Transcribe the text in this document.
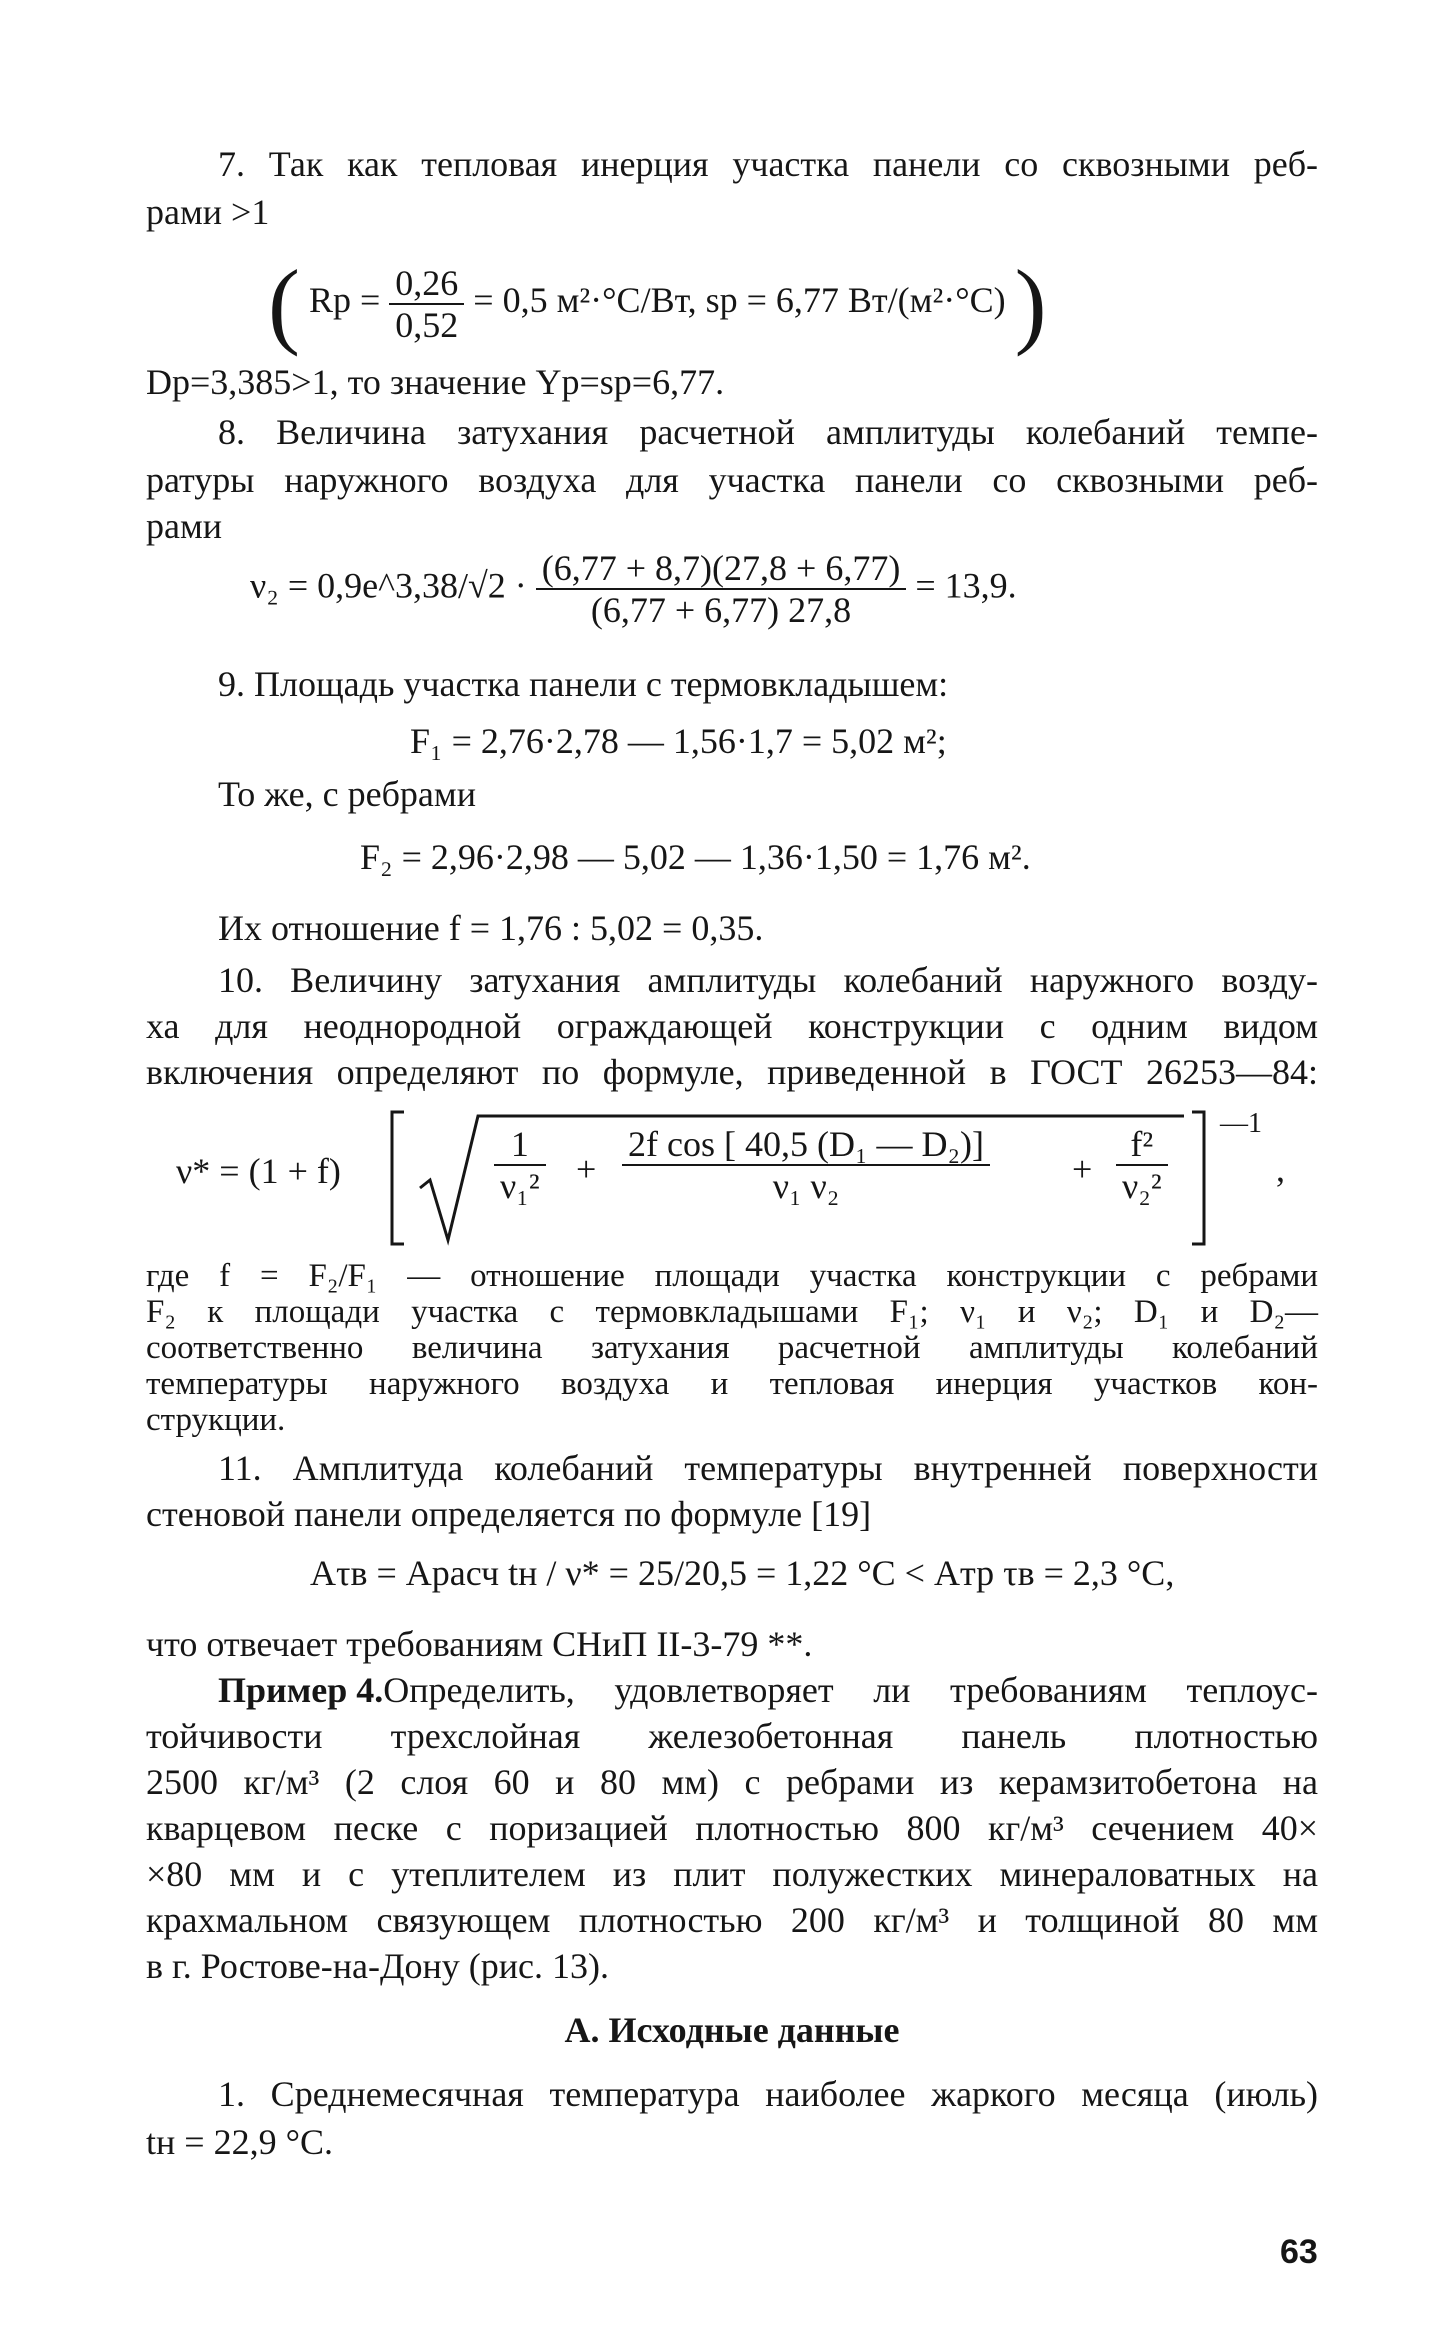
7. Так как тепловая инерция участка панели со сквозными реб-
рами >1
( Rр = $\frac{0,26}{0,52} = 0,5$ м²·°С/Вт, sр = 6,77 Вт/(м²·°С) )
Dр=3,385>1, то значение Yр=sр=6,77.
8. Величина затухания расчетной амплитуды колебаний темпе-
ратуры наружного воздуха для участка панели со сквозными реб-
рами
ν₂ = 0,9e^3,38/√2 · $\frac{(6,77 + 8,7)(27,8 + 6,77)}{(6,77 + 6,77) 27,8} = 13,9$.
9. Площадь участка панели с термовкладышем:
F₁ = 2,76·2,78 — 1,56·1,7 = 5,02 м²;
То же, с ребрами
F₂ = 2,96·2,98 — 5,02 — 1,36·1,50 = 1,76 м².
Их отношение f = 1,76 : 5,02 = 0,35.
10. Величину затухания амплитуды колебаний наружного возду-
ха для неоднородной ограждающей конструкции с одним видом
включения определяют по формуле, приведенной в ГОСТ 26253—84:
ν* = (1 + f)	$\frac{1}{\text{ν₁²}} + \frac{\text{2f cos [ 40,5 (D₁ — D₂)]}}{\text{ν₁ ν₂}} + \frac{\text{f²}}{\text{ν₂²}}$
—1
,
где f = F₂/F₁ — отношение площади участка конструкции с ребрами
F₂ к площади участка с термовкладышами F₁; ν₁ и ν₂; D₁ и D₂—
соответственно величина затухания расчетной амплитуды колебаний
температуры наружного воздуха и тепловая инерция участков кон-
струкции.
11. Амплитуда колебаний температуры внутренней поверхности
стеновой панели определяется по формуле [19]
Aτв = Aрасч tн / ν* = 25/20,5 = 1,22 °С < Aтр τв = 2,3 °С,
что отвечает требованиям СНиП II-3-79 **.
Пример 4. Определить, удовлетворяет ли требованиям теплоус-
тойчивости трехслойная железобетонная панель плотностью
2500 кг/м³ (2 слоя 60 и 80 мм) с ребрами из керамзитобетона на
кварцевом песке с поризацией плотностью 800 кг/м³ сечением 40×
×80 мм и с утеплителем из плит полужестких минераловатных на
крахмальном связующем плотностью 200 кг/м³ и толщиной 80 мм
в г. Ростове-на-Дону (рис. 13).
А. Исходные данные
1. Среднемесячная температура наиболее жаркого месяца (июль)
tн = 22,9 °С.
63
